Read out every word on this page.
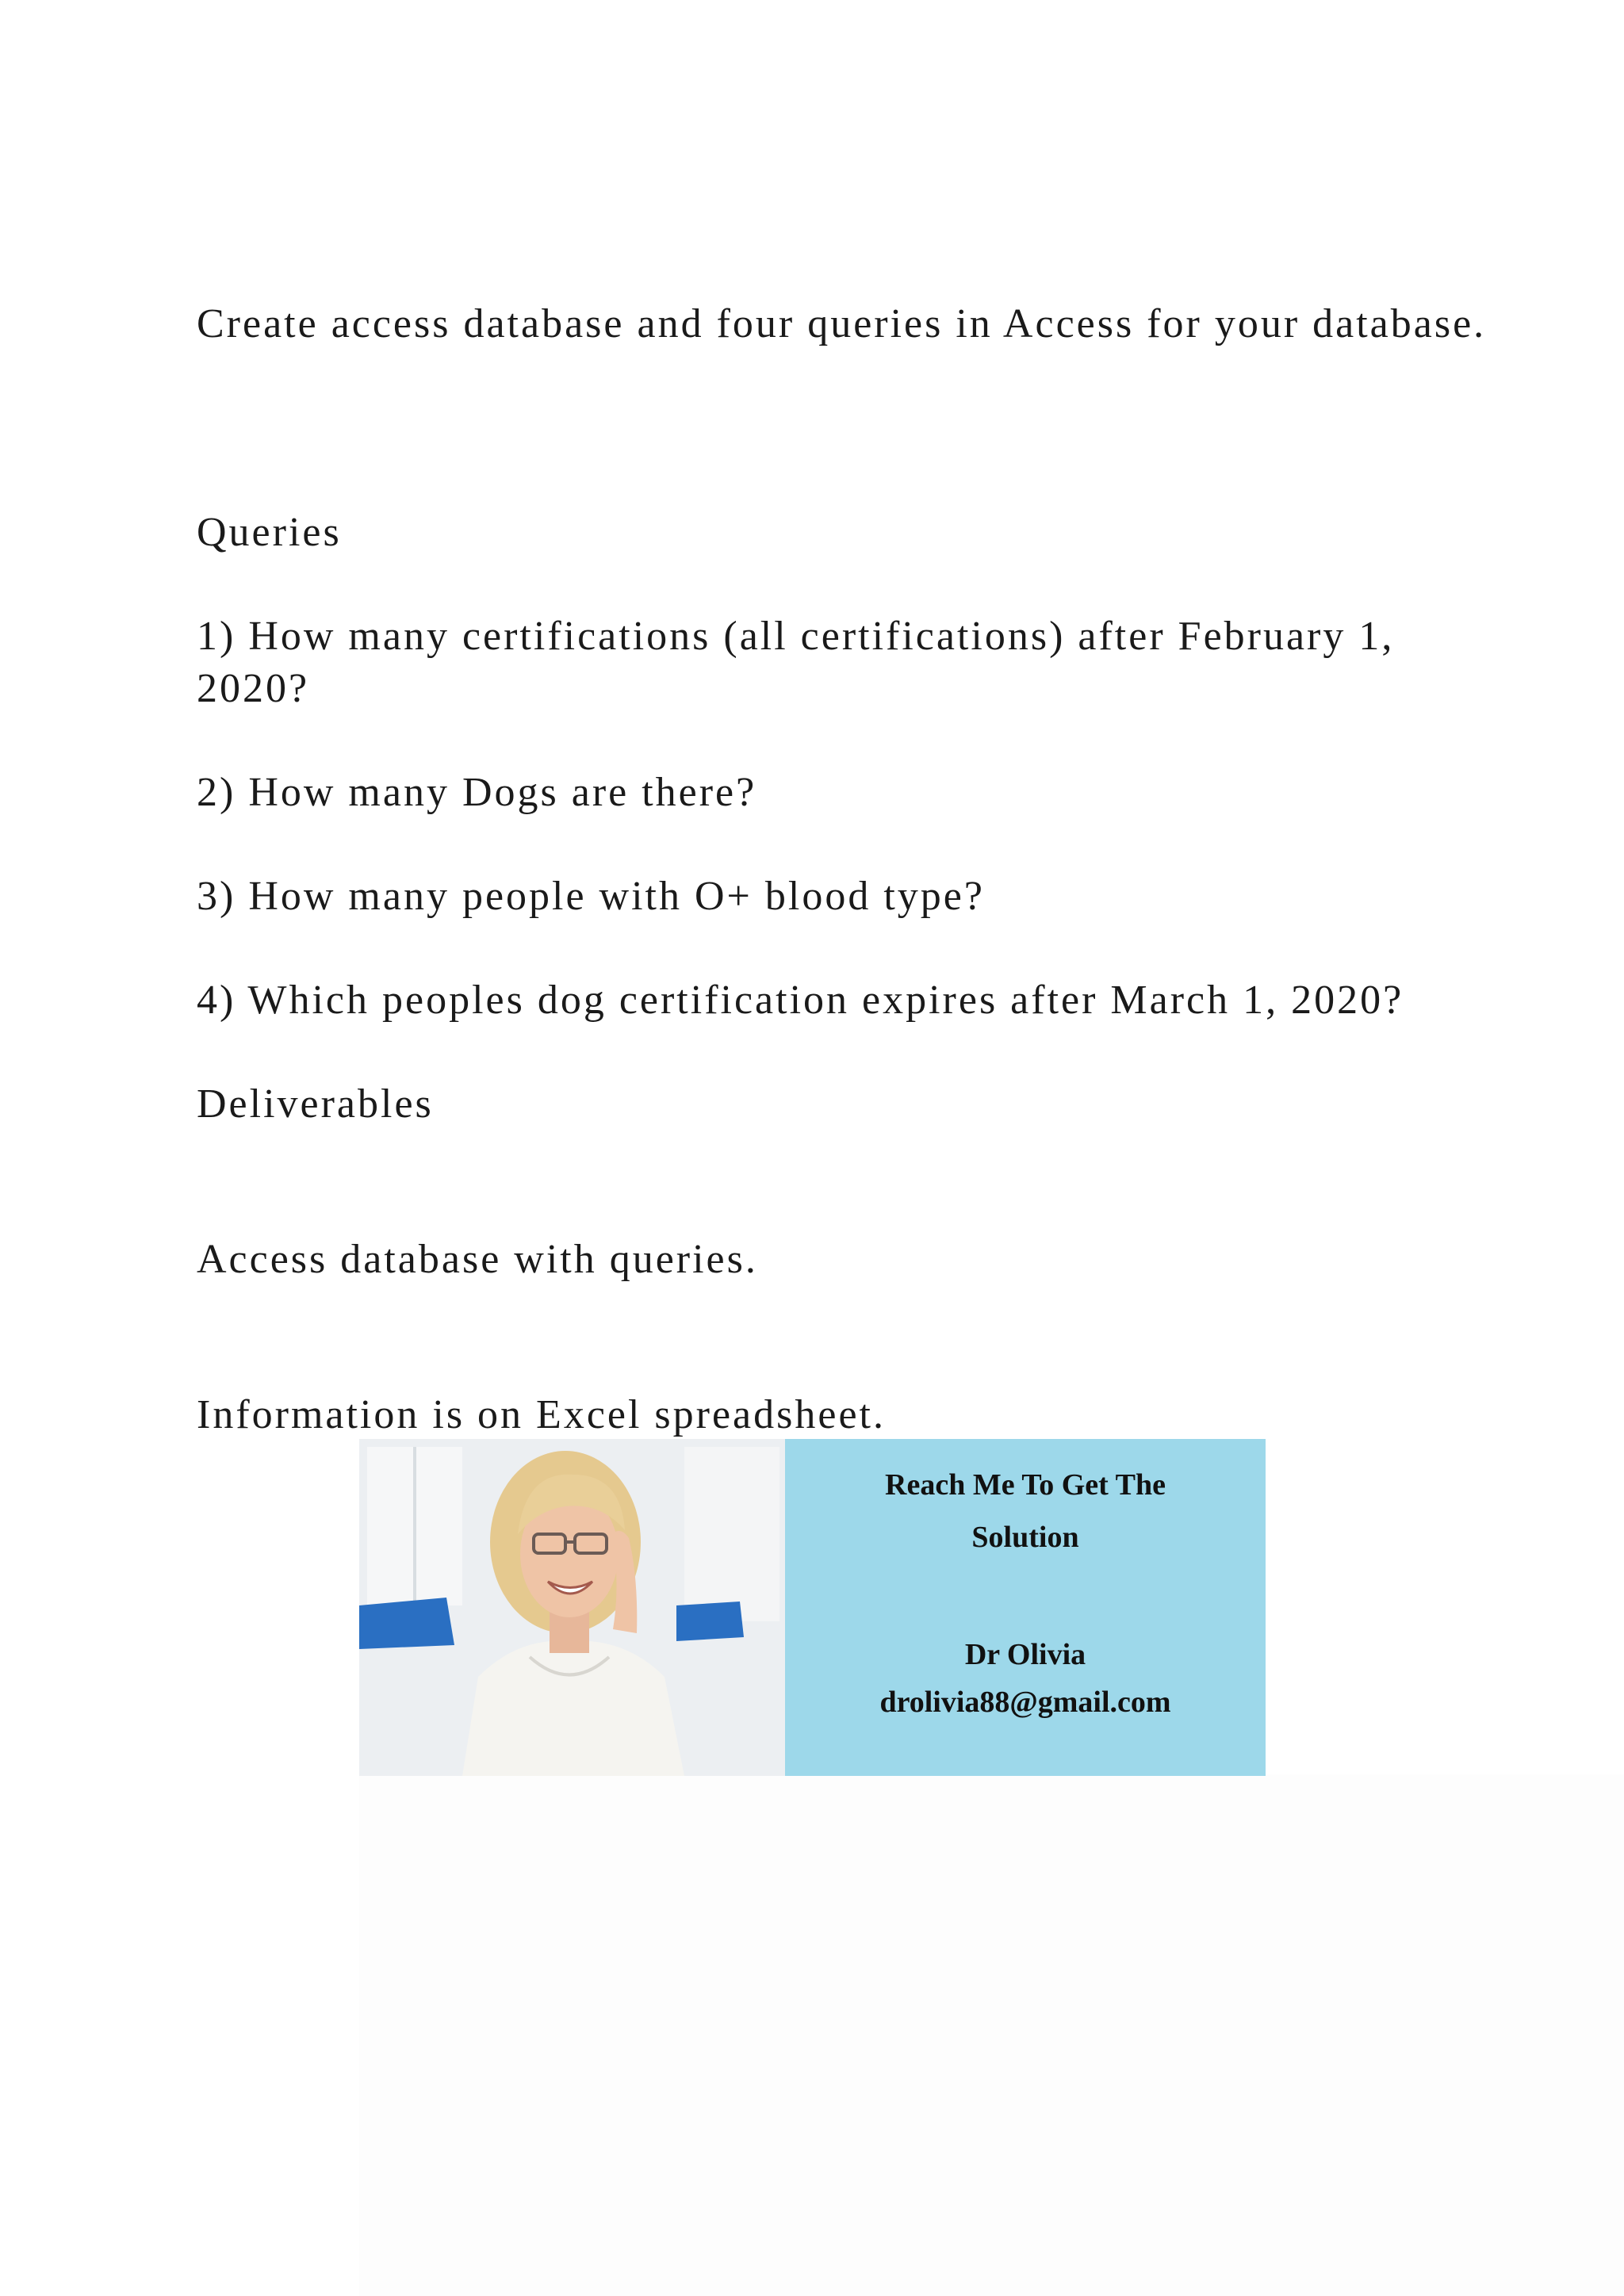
Create access database and four queries in Access for your database.

Queries

1) How many certifications (all certifications) after February 1, 2020?

2) How many Dogs are there?

3) How many people with O+ blood type?

4) Which peoples dog certification expires after March 1, 2020?

Deliverables

Access database with queries.

Information is on Excel spreadsheet.

Reach Me To Get The

Solution

Dr Olivia

drolivia88@gmail.com
